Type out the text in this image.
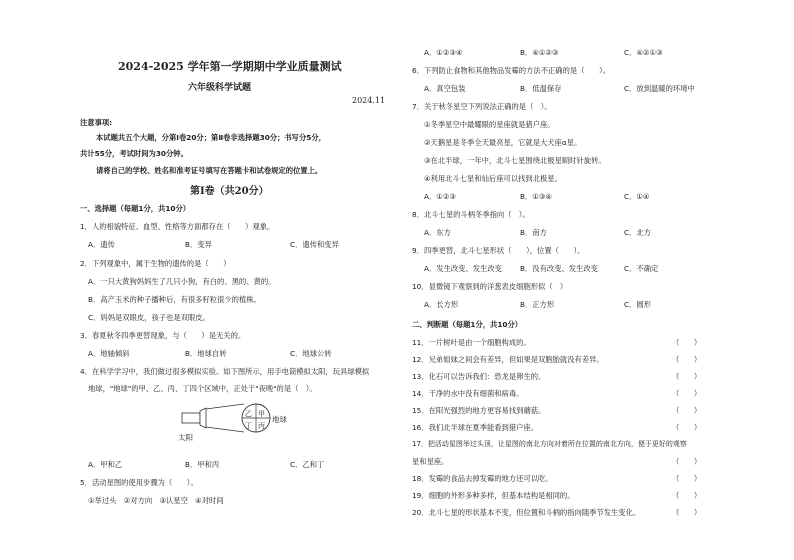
2024-2025 学年第一学期期中学业质量测试
六年级科学试题
2024.11
注意事项:
本试题共五个大题，分第Ⅰ卷20分；第Ⅱ卷非选择题30分；书写分5分，
共计55分，考试时间为30分钟。
请将自己的学校、姓名和准考证号填写在答题卡和试卷规定的位置上。
第Ⅰ卷（共20分）
一、选择题（每题1分，共10分）
1．人的相貌特征、血型、性格等方面都存在（　　）观象。
A．遗传	B．变异	C．遗传和变异
2．下列观象中，属于生物的遗传的是（　　）
A．一只大黄狗妈妈生了几只小狗，有白的、黑的、黄的。
B．高产玉米的种子播种后，有很多籽粒很少的植株。
C．妈妈是双眼皮，孩子也是双眼皮。
3．春夏秋冬四季更替现象，与（　　）是无关的。
A．地轴倾斜	B．地球自转	C．地球公转
4．在科学学习中，我们做过很多模拟实验。如下图所示，用手电筒模拟太阳，玩具球模拟
地球，"地球"的甲、乙、丙、丁四个区域中，正处于"夜晚"的是（　）。
乙 甲
丁 丙
太阳
地球
A．甲和乙	B．甲和丙	C．乙和丁
5．活动星图的使用步骤为（　　）。
①举过头　②对方向　③认星空　④对时间
A．①②③④	B．④①②③	C．④②①③
6．下列防止食物和其他物品发霉的方法不正确的是（　　）。
A．真空包装	B．低温保存	C．放到温暖的环境中
7．关于秋冬星空下列说法正确的是（　）。
①冬季星空中最耀眼的星座就是猎户座。
②天鹅星是冬季全天最亮星，它就是大犬座α星。
③在北半球，一年中，北斗七星围绕北极星顺时针旋转。
④利用北斗七星和仙后座可以找到北极星。
A．①②③	B．①③④	C．①④
8．北斗七星的斗柄冬季指向（　）。
A．东方	B．南方	C．北方
9．四季更替，北斗七星形状（　　），位置（　　）。
A．发生改变、发生改变 B．没有改变、发生改变	C．不确定
10．显微镜下观察到的洋葱表皮细胞形似（　）
A．长方形	B．正方形	C．圆形
二、判断题（每题1分，共10分）
11．一片树叶是由一个细胞构成的。	（　　）
12．兄弟姐妹之间会有差异，但如果是双胞胎就没有差异。	（　　）
13．化石可以告诉我们：恐龙是卵生的。	（　　）
14．干净的水中没有细菌和病毒。	（　　）
15．在阳光强烈的地方更容易找到蘑菇。	（　　）
16．我们北半球在夏季能看到猎户座。	（　　）
17．把活动星图举过头顶，让星图的南北方向对着所在位置的南北方向，便于更好的观察
星和星座。	（　　）
18．发霉的食品去掉发霉的地方还可以吃。	（　　）
19．细胞的外形多种多样，但基本结构是相同的。	（　　）
20．北斗七星的形状基本不变，但位置和斗柄的指向随季节发生变化。	（　　）
